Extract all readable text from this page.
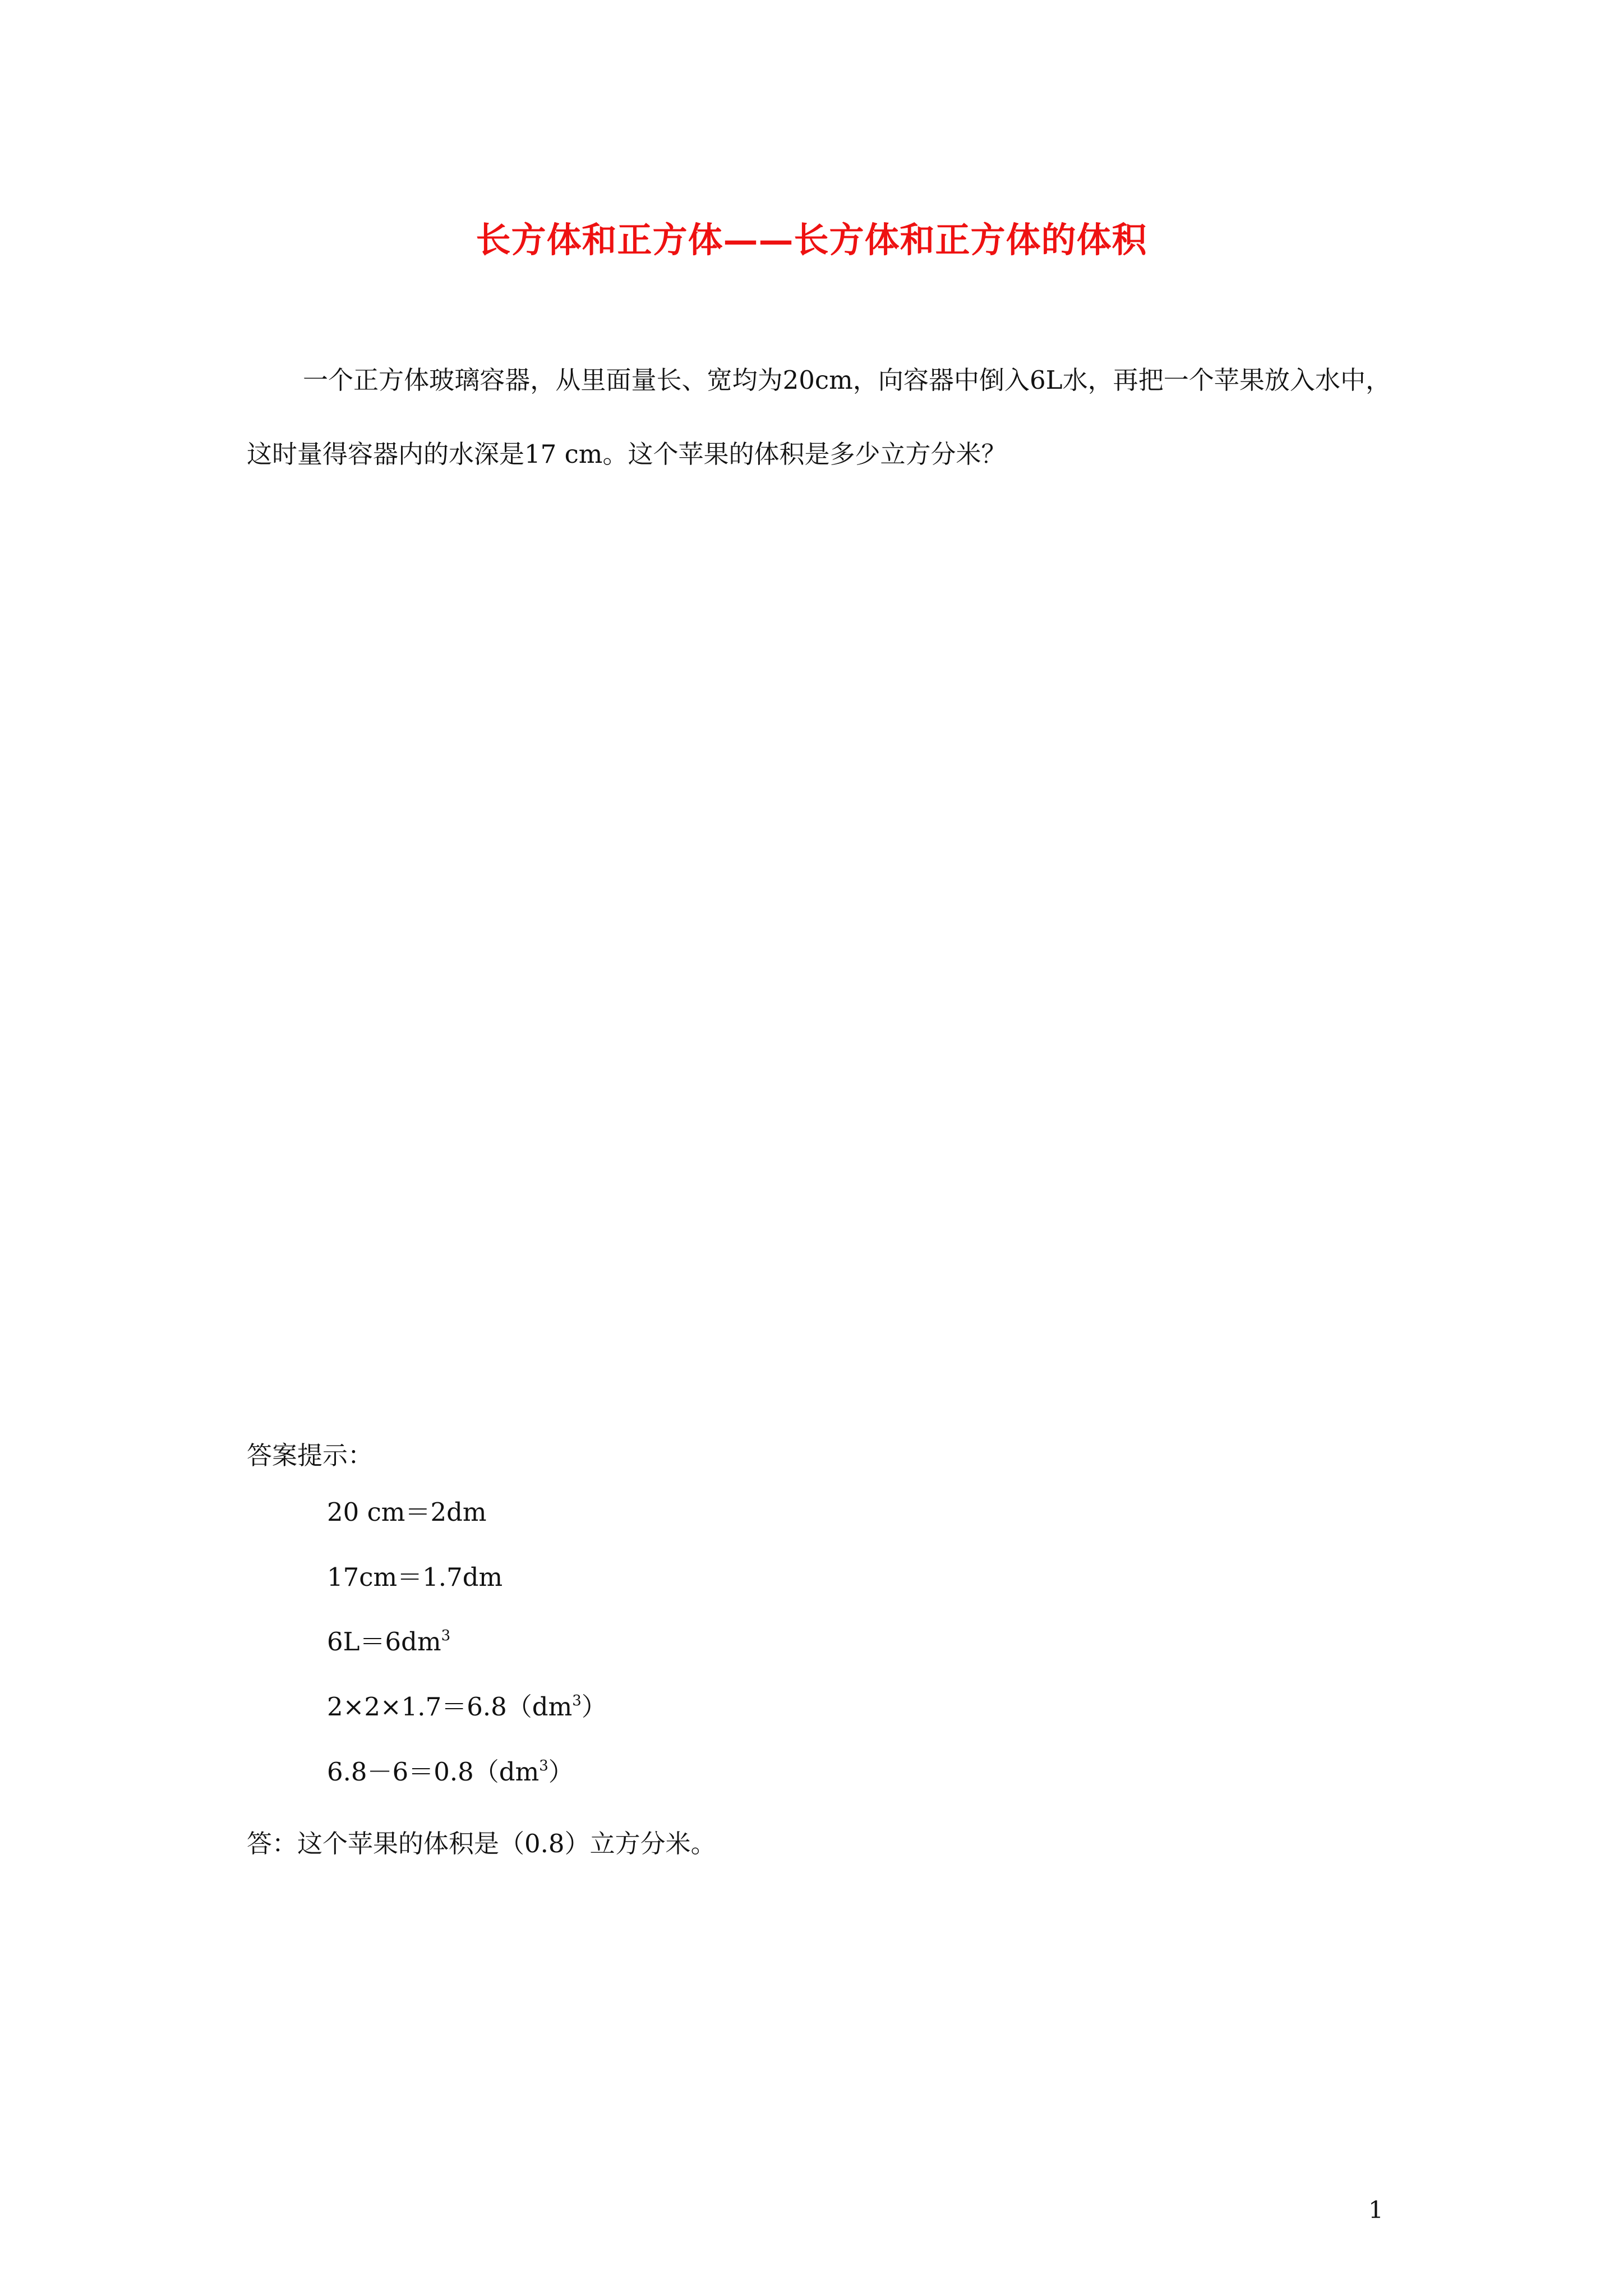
长方体和正方体——长方体和正方体的体积
一个正方体玻璃容器，从里面量长、宽均为20cm，向容器中倒入6L水，再把一个苹果放入水中，这时量得容器内的水深是17 cm。这个苹果的体积是多少立方分米？
答案提示：
20 cm＝2dm
17cm＝1.7dm
$6L=6dm^3$
$2\times 2\times 1.7=6.8(dm^3)$
$6.8-6=0.8(dm^3)$
答：这个苹果的体积是（0.8）立方分米。
1
